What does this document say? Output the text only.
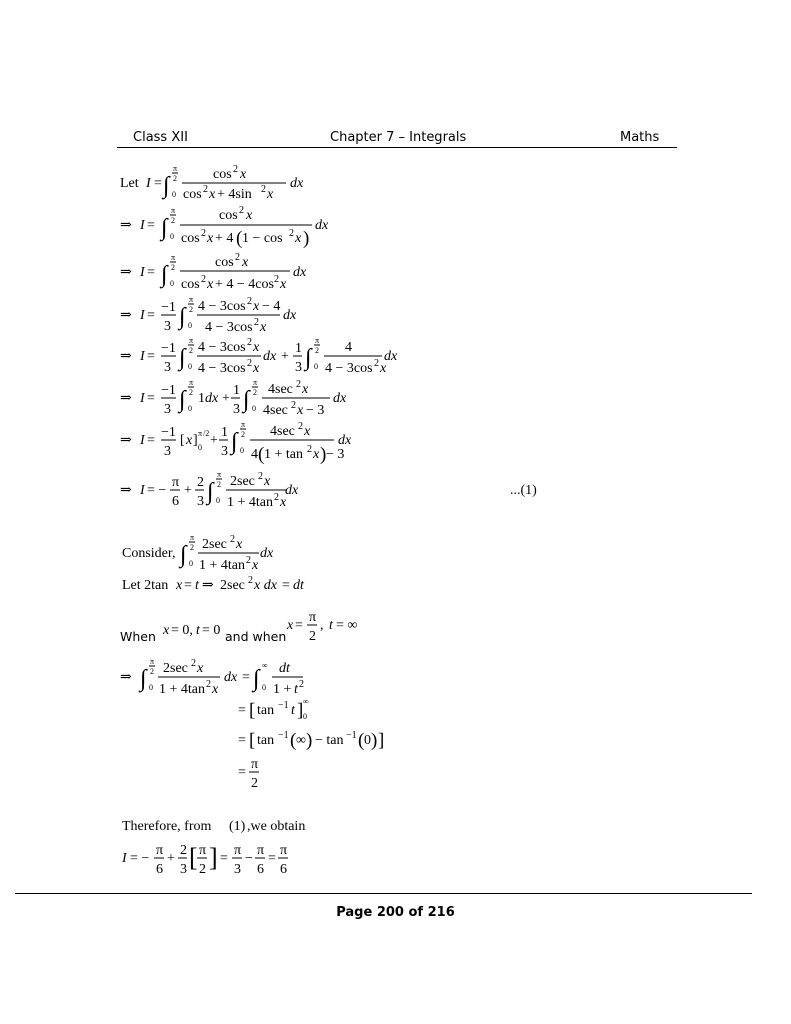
Class XII	Chapter 7 – Integrals	Maths
Let I = ∫
π
2
0
cos 2 x
cos 2 x + 4sin 2 x
dx
⇒ I = ∫
π
2
0
cos 2 x
cos 2 x + 4 ( 1 − cos 2 x )
dx
⇒ I = ∫
π
2
0
cos 2 x
cos 2 x + 4 − 4cos 2 x
dx
⇒ I =
−1
3 ∫
π
2
0
4 − 3cos 2 x − 4
4 − 3cos 2 x
dx
⇒ I =
−1
3 ∫
π
2
0
4 − 3cos 2 x
4 − 3cos 2 x
dx +
1
3 ∫
π
2
0
4
4 − 3cos 2 x
dx
⇒ I =
−1
3 ∫
π
2
0
1 dx +
1
3 ∫
π
2
0
4sec 2 x
4sec 2 x − 3
dx
⇒ I =
−1
3
[ x ] π /2
0 +
1
3 ∫
π
2
0
4sec 2 x
4 ( 1 + tan 2 x ) − 3
dx
⇒ I = −
π
6
+
2
3 ∫
π
2
0
2sec 2 x
1 + 4tan 2 x
dx	...(1)
Consider, ∫
π
2
0
2sec 2 x
1 + 4tan 2 x
dx
Let 2tan x = t ⇒ 2sec 2 x dx = dt
When x = 0, t = 0 and when
x =
π
2
, t = ∞
⇒ ∫
π
2
0
2sec 2 x
1 + 4tan 2 x
dx = ∫
∞
0
dt
1 + t 2
= [ tan −1 t ] ∞
0
= [ tan −1 ( ∞ ) − tan −1 ( 0 ) ]
=
π
2
Therefore, from (1) ,we obtain
I = −
π
6
+
2
3 [ π
2 ] =
π
3
−
π
6
=
π
6
Page 200 of 216
